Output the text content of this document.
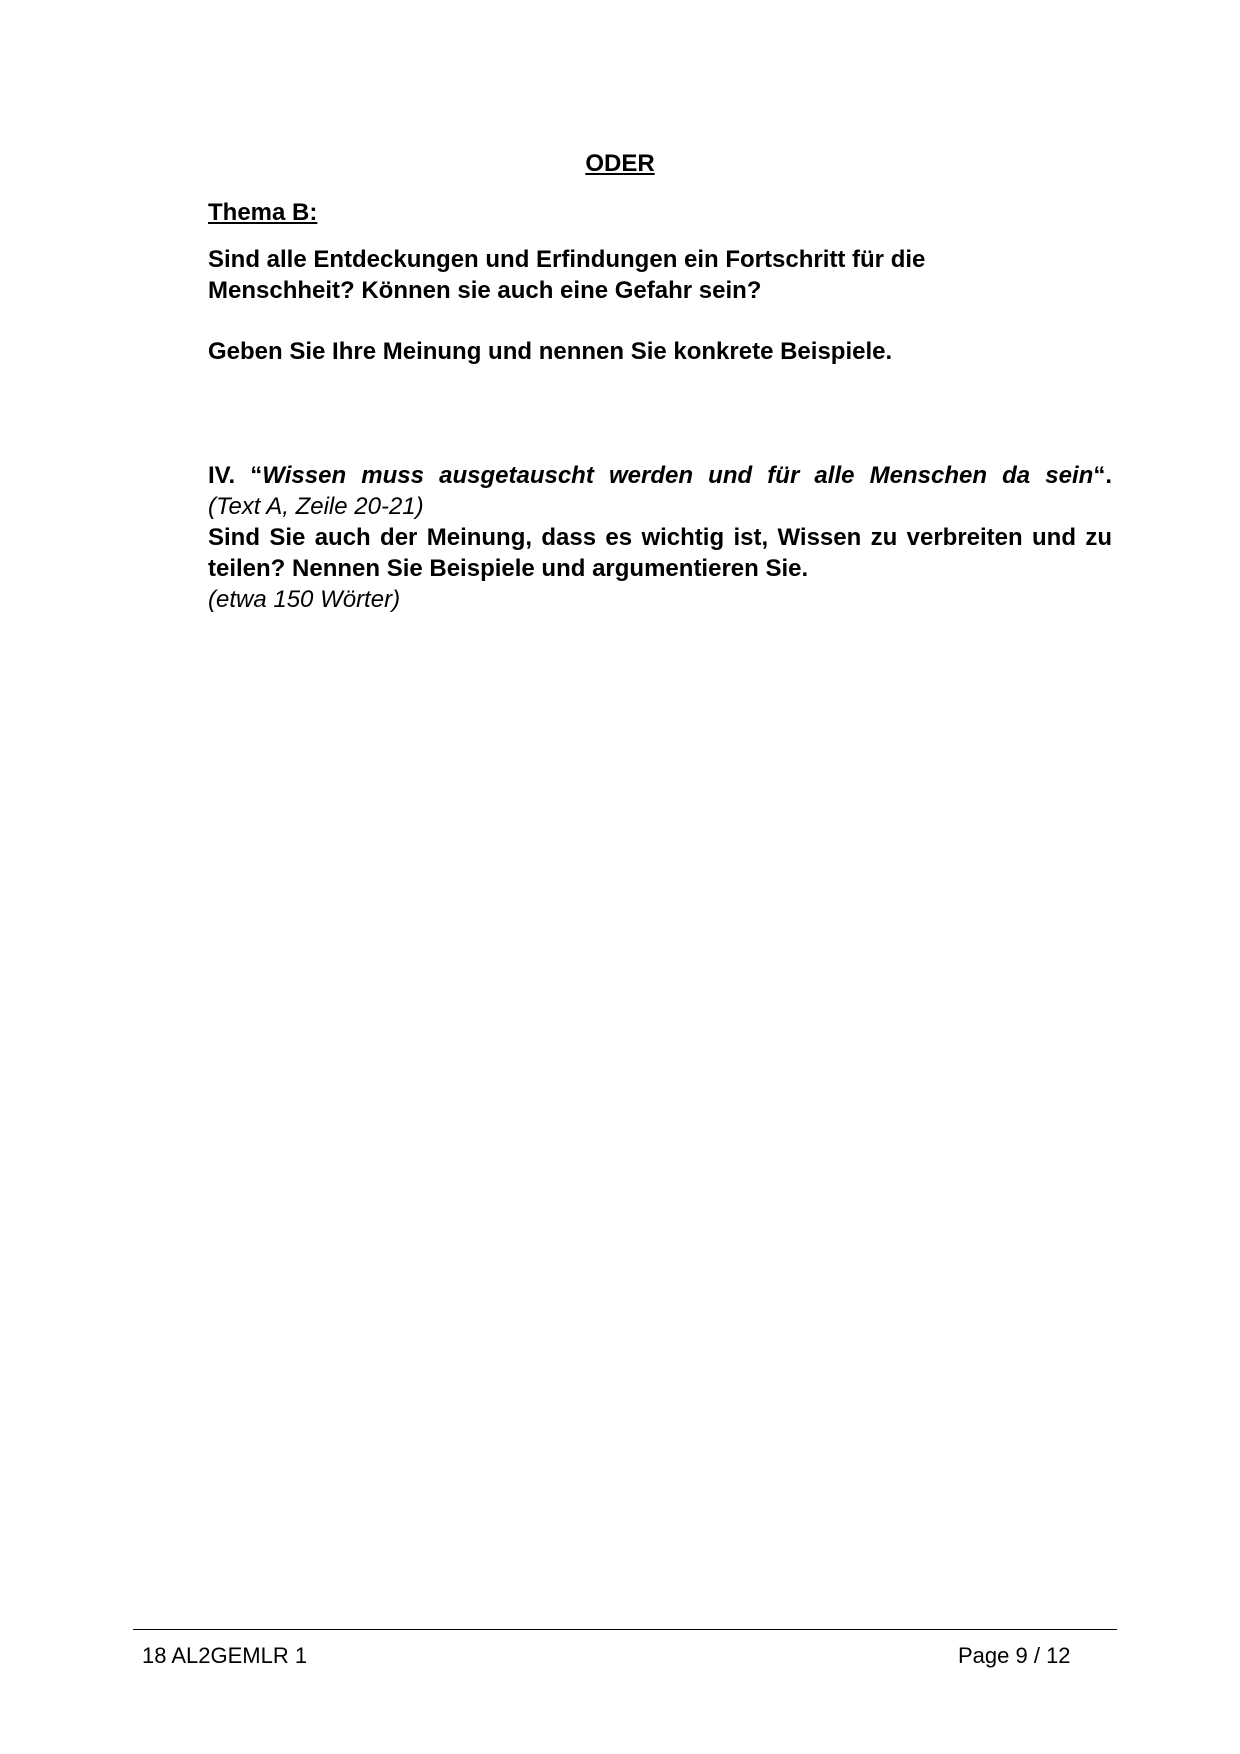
ODER
Thema B:
Sind alle Entdeckungen und Erfindungen ein Fortschritt für die Menschheit? Können sie auch eine Gefahr sein?
Geben Sie Ihre Meinung und nennen Sie konkrete Beispiele.
IV. “Wissen muss ausgetauscht werden und für alle Menschen da sein“.
(Text A, Zeile 20-21)
Sind Sie auch der Meinung, dass es wichtig ist, Wissen zu verbreiten und zu teilen? Nennen Sie Beispiele und argumentieren Sie.
(etwa 150 Wörter)
18 AL2GEMLR 1	Page 9 / 12
